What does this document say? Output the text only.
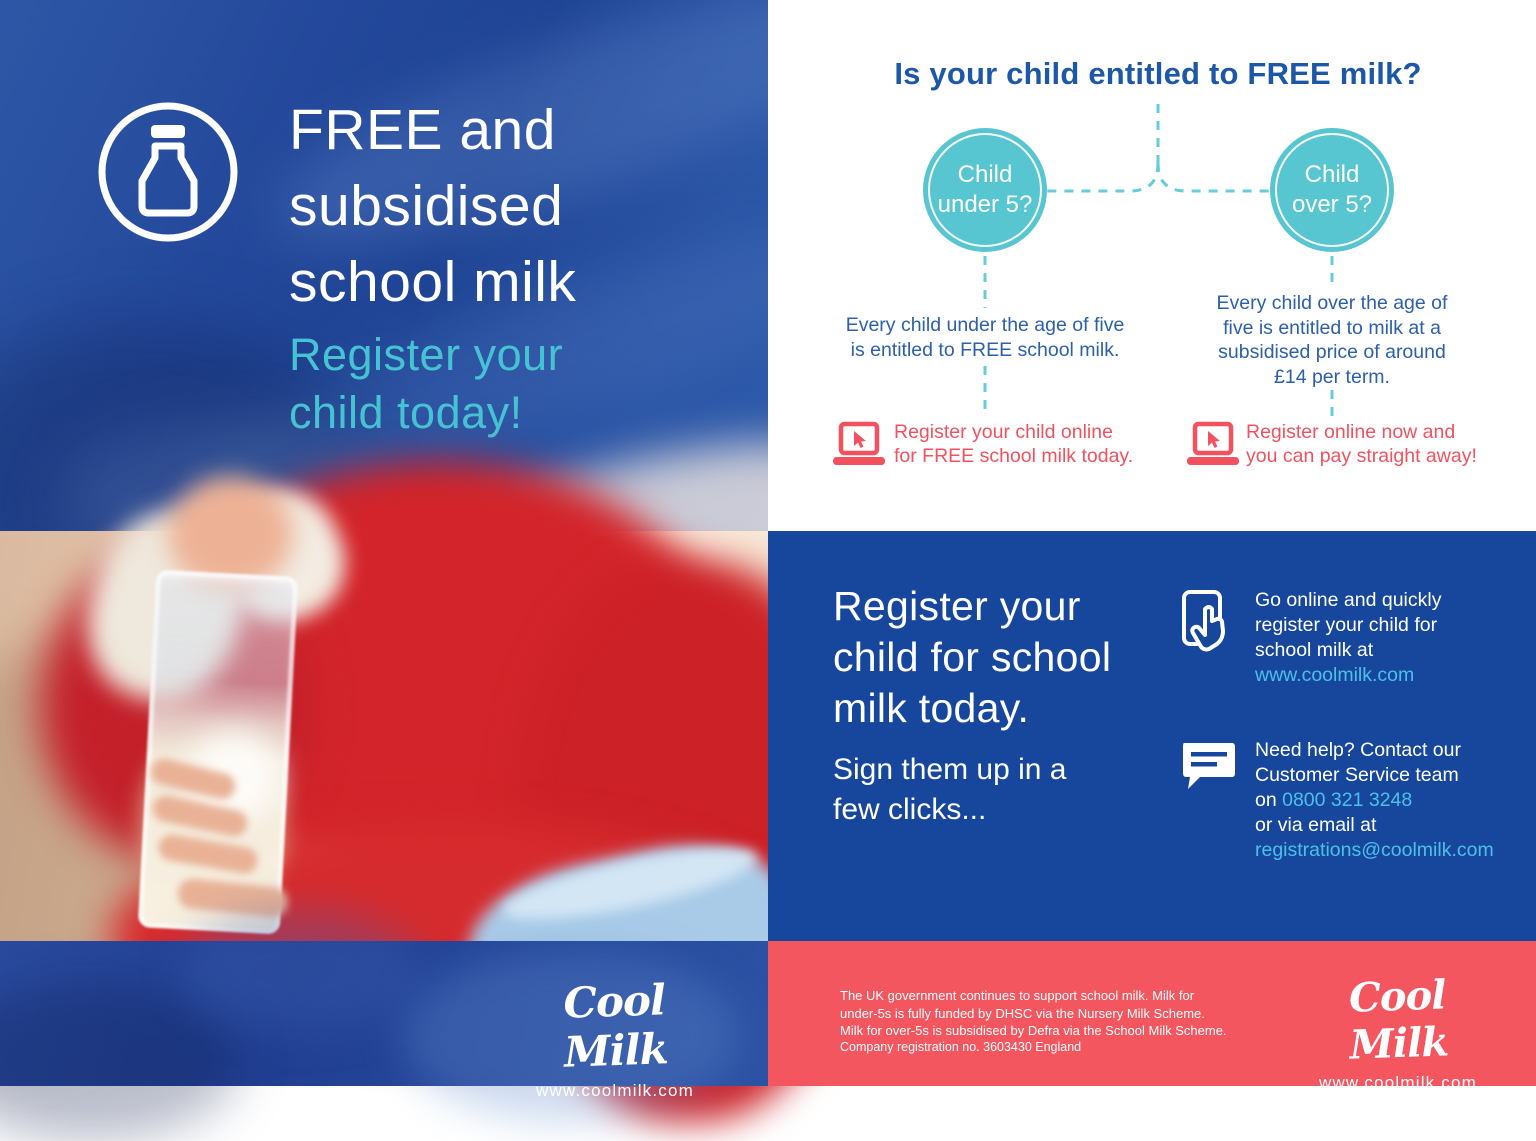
FREE and
subsidised
school milk
Register your
child today!
Cool Milk
www.coolmilk.com
Is your child entitled to FREE milk?
Child
under 5?
Child
over 5?
Every child under the age of five
is entitled to FREE school milk.
Every child over the age of
five is entitled to milk at a
subsidised price of around
£14 per term.
Register your child online
for FREE school milk today.
Register online now and
you can pay straight away!
Register your
child for school
milk today.
Sign them up in a
few clicks...
Go online and quickly
register your child for
school milk at
www.coolmilk.com
Need help? Contact our
Customer Service team
on 0800 321 3248
or via email at
registrations@coolmilk.com
The UK government continues to support school milk. Milk for
under-5s is fully funded by DHSC via the Nursery Milk Scheme.
Milk for over-5s is subsidised by Defra via the School Milk Scheme.
Company registration no. 3603430 England
Cool Milk
www.coolmilk.com
